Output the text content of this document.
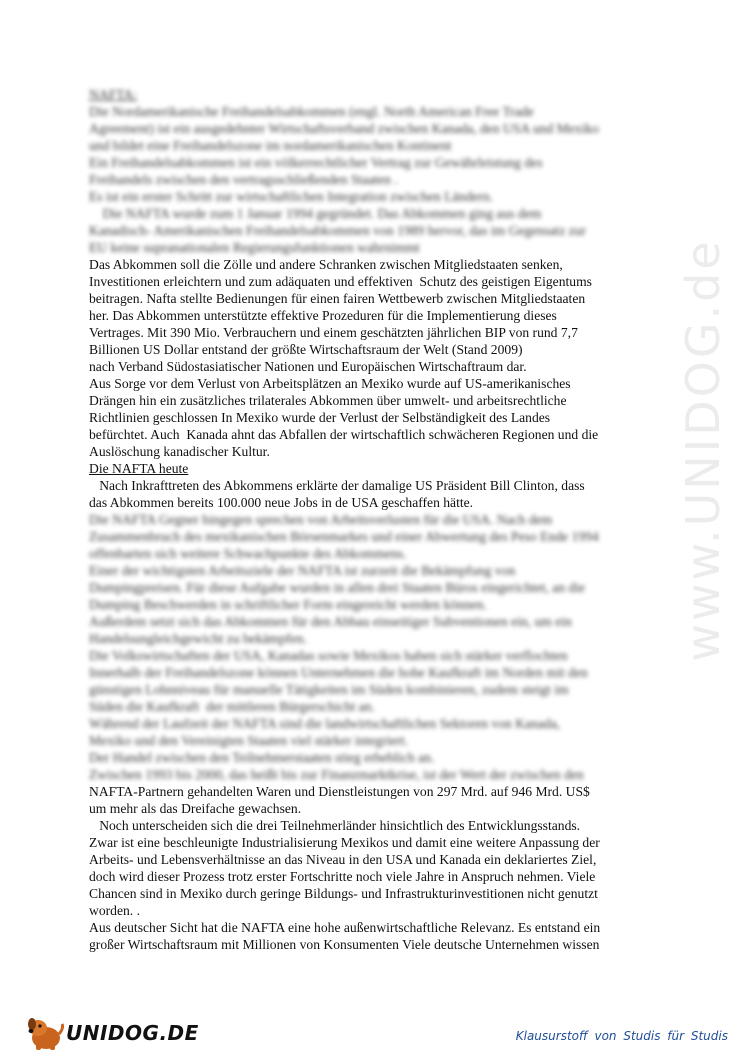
www.UNIDOG.de
NAFTA:
Die Nordamerikanische Freihandelsabkommen (engl. North American Free Trade
Agreement) ist ein ausgedehnter Wirtschaftsverband zwischen Kanada, den USA und Mexiko
und bildet eine Freihandelszone im nordamerikanischen Kontinent
Ein Freihandelsabkommen ist ein völkerrechtlicher Vertrag zur Gewährleistung des
Freihandels zwischen den vertragsschließenden Staaten .
Es ist ein erster Schritt zur wirtschaftlichen Integration zwischen Ländern.
Die NAFTA wurde zum 1 Januar 1994 gegründet. Das Abkommen ging aus dem
Kanadisch- Amerikanischen Freihandelsabkommen von 1989 hervor, das im Gegensatz zur
EU keine supranationalen Regierungsfunktionen wahrnimmt
Das Abkommen soll die Zölle und andere Schranken zwischen Mitgliedstaaten senken,
Investitionen erleichtern und zum adäquaten und effektiven  Schutz des geistigen Eigentums
beitragen. Nafta stellte Bedienungen für einen fairen Wettbewerb zwischen Mitgliedstaaten
her. Das Abkommen unterstützte effektive Prozeduren für die Implementierung dieses
Vertrages. Mit 390 Mio. Verbrauchern und einem geschätzten jährlichen BIP von rund 7,7
Billionen US Dollar entstand der größte Wirtschaftsraum der Welt (Stand 2009)
nach Verband Südostasiatischer Nationen und Europäischen Wirtschaftraum dar.
Aus Sorge vor dem Verlust von Arbeitsplätzen an Mexiko wurde auf US-amerikanisches
Drängen hin ein zusätzliches trilaterales Abkommen über umwelt- und arbeitsrechtliche
Richtlinien geschlossen In Mexiko wurde der Verlust der Selbständigkeit des Landes
befürchtet. Auch  Kanada ahnt das Abfallen der wirtschaftlich schwächeren Regionen und die
Auslöschung kanadischer Kultur.
Die NAFTA heute
Nach Inkrafttreten des Abkommens erklärte der damalige US Präsident Bill Clinton, dass
das Abkommen bereits 100.000 neue Jobs in de USA geschaffen hätte.
Die NAFTA Gegner hingegen sprechen von Arbeitsverlusten für die USA. Nach dem
Zusammenbruch des mexikanischen Börsenmarkes und einer Abwertung des Peso Ende 1994
offenbarten sich weitere Schwachpunkte des Abkommens.
Einer der wichtigsten Arbeitsziele der NAFTA ist zurzeit die Bekämpfung von
Dumpingpreisen. Für diese Aufgabe wurden in allen drei Staaten Büros eingerichtet, an die
Dumping Beschwerden in schriftlicher Form eingereicht werden können.
Außerdem setzt sich das Abkommen für den Abbau einseitiger Subventionen ein, um ein
Handelsungleichgewicht zu bekämpfen.
Die Volkswirtschaften der USA, Kanadas sowie Mexikos haben sich stärker verflochten
Innerhalb der Freihandelszone können Unternehmen die hohe Kaufkraft im Norden mit den
günstigen Lohnniveau für manuelle Tätigkeiten im Süden kombinieren, zudem steigt im
Süden die Kaufkraft  der mittleren Bürgerschicht an.
Während der Laufzeit der NAFTA sind die landwirtschaftlichen Sektoren von Kanada,
Mexiko und den Vereinigten Staaten viel stärker integriert.
Der Handel zwischen den Teilnehmerstaaten stieg erheblich an.
Zwischen 1993 bis 2000, das heißt bis zur Finanzmarktkrise, ist der Wert der zwischen den
NAFTA-Partnern gehandelten Waren und Dienstleistungen von 297 Mrd. auf 946 Mrd. US$
um mehr als das Dreifache gewachsen.
Noch unterscheiden sich die drei Teilnehmerländer hinsichtlich des Entwicklungsstands.
Zwar ist eine beschleunigte Industrialisierung Mexikos und damit eine weitere Anpassung der
Arbeits- und Lebensverhältnisse an das Niveau in den USA und Kanada ein deklariertes Ziel,
doch wird dieser Prozess trotz erster Fortschritte noch viele Jahre in Anspruch nehmen. Viele
Chancen sind in Mexiko durch geringe Bildungs- und Infrastrukturinvestitionen nicht genutzt
worden. .
Aus deutscher Sicht hat die NAFTA eine hohe außenwirtschaftliche Relevanz. Es entstand ein
großer Wirtschaftsraum mit Millionen von Konsumenten Viele deutsche Unternehmen wissen
UNIDOG.DE	Klausurstoff von Studis für Studis
